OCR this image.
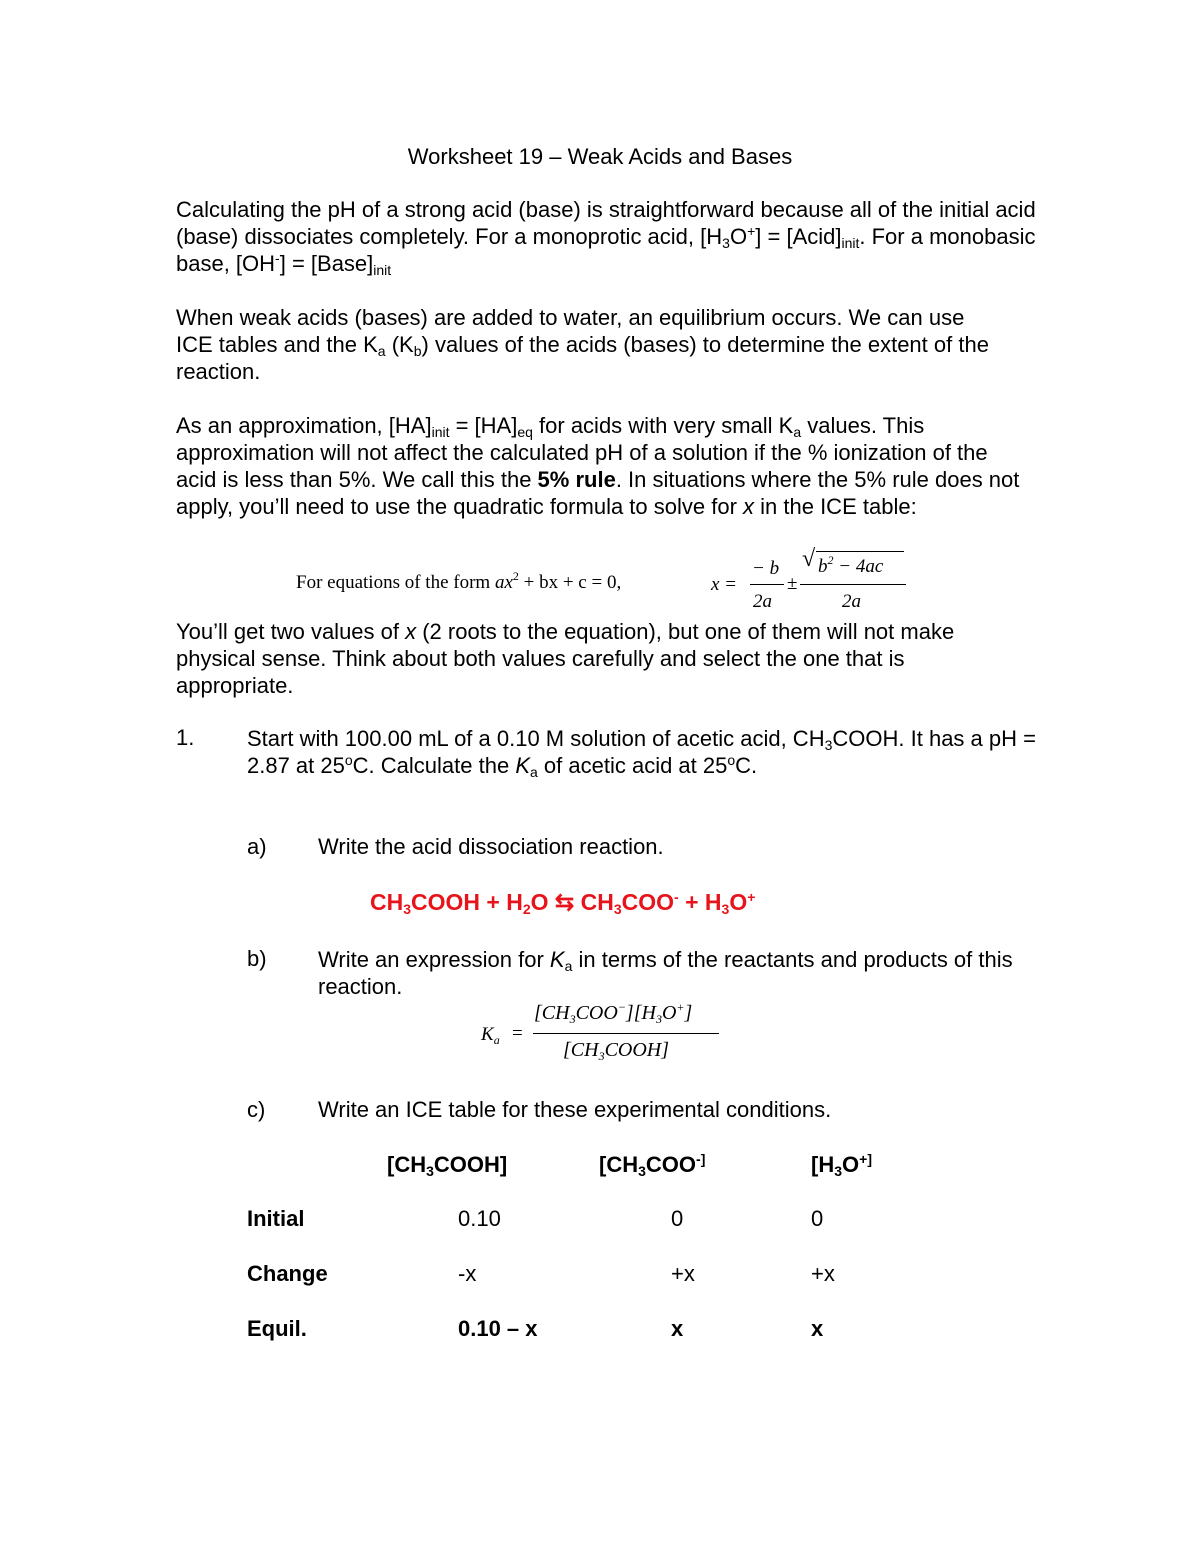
Worksheet 19 – Weak Acids and Bases
Calculating the pH of a strong acid (base) is straightforward because all of the initial acid (base) dissociates completely. For a monoprotic acid, $[H_3O^+]$ = $[Acid]_{init}$. For a monobasic base, $[OH^-] = [Base]_{init}$
When weak acids (bases) are added to water, an equilibrium occurs. We can use ICE tables and the $K_a$ $(K_b)$ values of the acids (bases) to determine the extent of the reaction.
As an approximation, $[HA]_{init} = [HA]_{eq}$ for acids with very small $K_a$ values. This approximation will not affect the calculated pH of a solution if the % ionization of the acid is less than 5%. We call this the 5% rule. In situations where the 5% rule does not apply, you’ll need to use the quadratic formula to solve for x in the ICE table:
For equations of the form $ax^2$ + bx + c = 0,	x =
− b
2a
±
√ $b^2 - 4ac$
2a
You’ll get two values of x (2 roots to the equation), but one of them will not make physical sense. Think about both values carefully and select the one that is appropriate.
1. Start with 100.00 mL of a 0.10 M solution of acetic acid, $CH_3COOH$. It has a pH = 2.87 at 25$^o$C. Calculate the $K_a$ of acetic acid at 25$^o$C.
a) Write the acid dissociation reaction.
$CH_3COOH + H_2O$ ⇆ $CH_3COO^- + H_3O^+$
b) Write an expression for $K_a$ in terms of the reactants and products of this reaction.
$K_a$ =
$[CH_3COO^-][H_3O^+]$
$[CH_3COOH]$
c) Write an ICE table for these experimental conditions.
$[CH_3COOH]$	[$CH_3COO^{-]}$	[$H_3O^{+]}$
Initial	0.10	0	0
Change	-x	+x	+x
Equil.	0.10 – x	x	x
